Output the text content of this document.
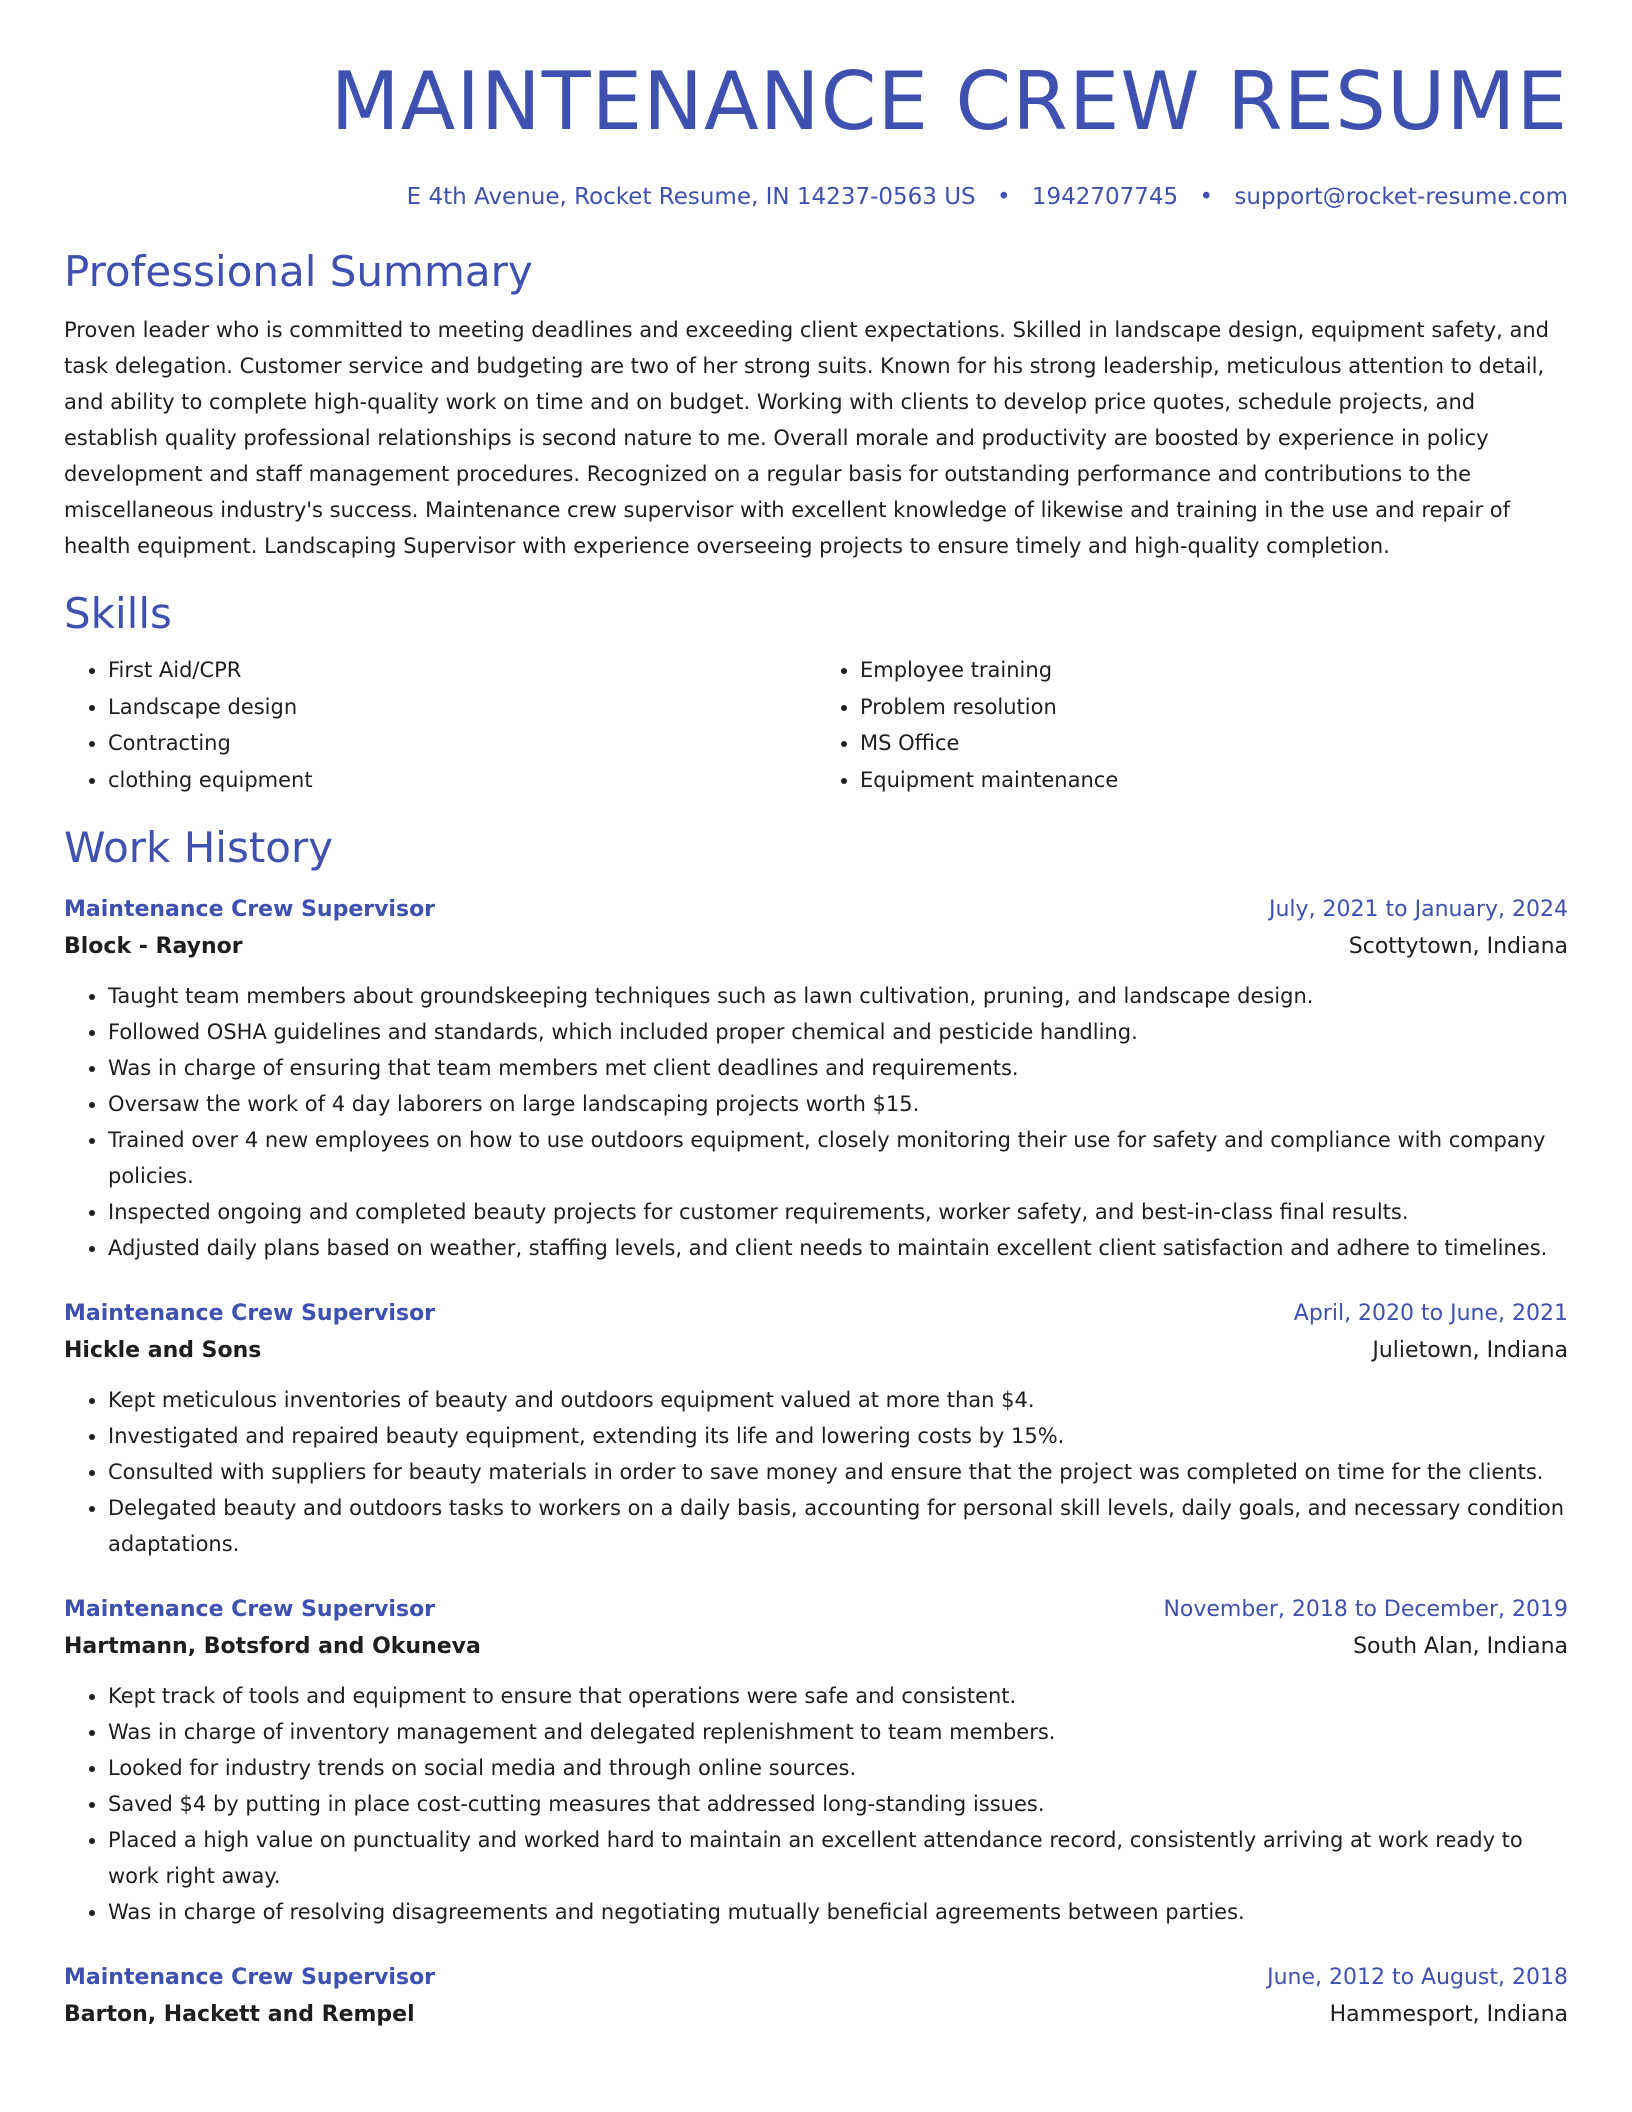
MAINTENANCE CREW RESUME
E 4th Avenue, Rocket Resume, IN 14237-0563 US • 1942707745 • support@rocket-resume.com
Professional Summary

Proven leader who is committed to meeting deadlines and exceeding client expectations. Skilled in landscape design, equipment safety, and task delegation. Customer service and budgeting are two of her strong suits. Known for his strong leadership, meticulous attention to detail, and ability to complete high-quality work on time and on budget. Working with clients to develop price quotes, schedule projects, and establish quality professional relationships is second nature to me. Overall morale and productivity are boosted by experience in policy development and staff management procedures. Recognized on a regular basis for outstanding performance and contributions to the miscellaneous industry's success. Maintenance crew supervisor with excellent knowledge of likewise and training in the use and repair of health equipment. Landscaping Supervisor with experience overseeing projects to ensure timely and high-quality completion.

Skills
• First Aid/CPR
• Landscape design
• Contracting
• clothing equipment
• Employee training
• Problem resolution
• MS Office
• Equipment maintenance
Work History
Maintenance Crew Supervisor	July, 2021 to January, 2024
Block - Raynor	Scottytown, Indiana
• Taught team members about groundskeeping techniques such as lawn cultivation, pruning, and landscape design.
• Followed OSHA guidelines and standards, which included proper chemical and pesticide handling.
• Was in charge of ensuring that team members met client deadlines and requirements.
• Oversaw the work of 4 day laborers on large landscaping projects worth $15.
• Trained over 4 new employees on how to use outdoors equipment, closely monitoring their use for safety and compliance with company policies.
• Inspected ongoing and completed beauty projects for customer requirements, worker safety, and best-in-class final results.
• Adjusted daily plans based on weather, staffing levels, and client needs to maintain excellent client satisfaction and adhere to timelines.
Maintenance Crew Supervisor	April, 2020 to June, 2021
Hickle and Sons	Julietown, Indiana
• Kept meticulous inventories of beauty and outdoors equipment valued at more than $4.
• Investigated and repaired beauty equipment, extending its life and lowering costs by 15%.
• Consulted with suppliers for beauty materials in order to save money and ensure that the project was completed on time for the clients.
• Delegated beauty and outdoors tasks to workers on a daily basis, accounting for personal skill levels, daily goals, and necessary condition adaptations.
Maintenance Crew Supervisor	November, 2018 to December, 2019
Hartmann, Botsford and Okuneva	South Alan, Indiana
• Kept track of tools and equipment to ensure that operations were safe and consistent.
• Was in charge of inventory management and delegated replenishment to team members.
• Looked for industry trends on social media and through online sources.
• Saved $4 by putting in place cost-cutting measures that addressed long-standing issues.
• Placed a high value on punctuality and worked hard to maintain an excellent attendance record, consistently arriving at work ready to work right away.
• Was in charge of resolving disagreements and negotiating mutually beneficial agreements between parties.
Maintenance Crew Supervisor	June, 2012 to August, 2018
Barton, Hackett and Rempel	Hammesport, Indiana
